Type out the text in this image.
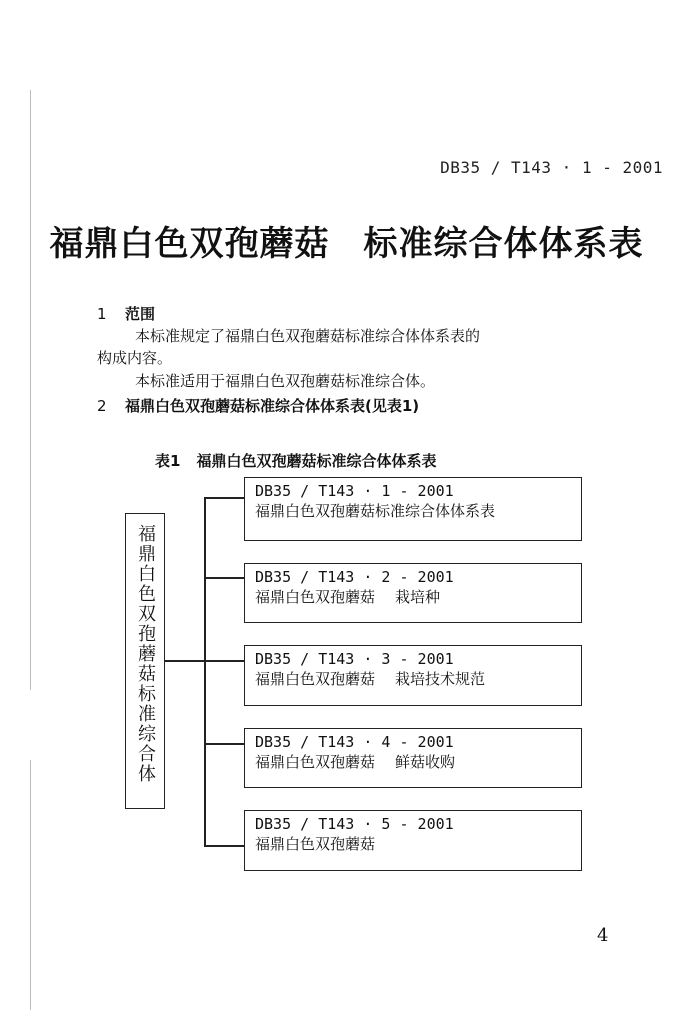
DB35 / T143 · 1 - 2001
福鼎白色双孢蘑菇 标准综合体体系表
1 范围
本标准规定了福鼎白色双孢蘑菇标准综合体体系表的
构成内容。
本标准适用于福鼎白色双孢蘑菇标准综合体。
2 福鼎白色双孢蘑菇标准综合体体系表(见表1)
表1 福鼎白色双孢蘑菇标准综合体体系表
福鼎白色双孢蘑菇标准综合体
DB35 / T143 · 1 - 2001
福鼎白色双孢蘑菇标准综合体体系表
DB35 / T143 · 2 - 2001
福鼎白色双孢蘑菇 栽培种
DB35 / T143 · 3 - 2001
福鼎白色双孢蘑菇 栽培技术规范
DB35 / T143 · 4 - 2001
福鼎白色双孢蘑菇 鲜菇收购
DB35 / T143 · 5 - 2001
福鼎白色双孢蘑菇
4
